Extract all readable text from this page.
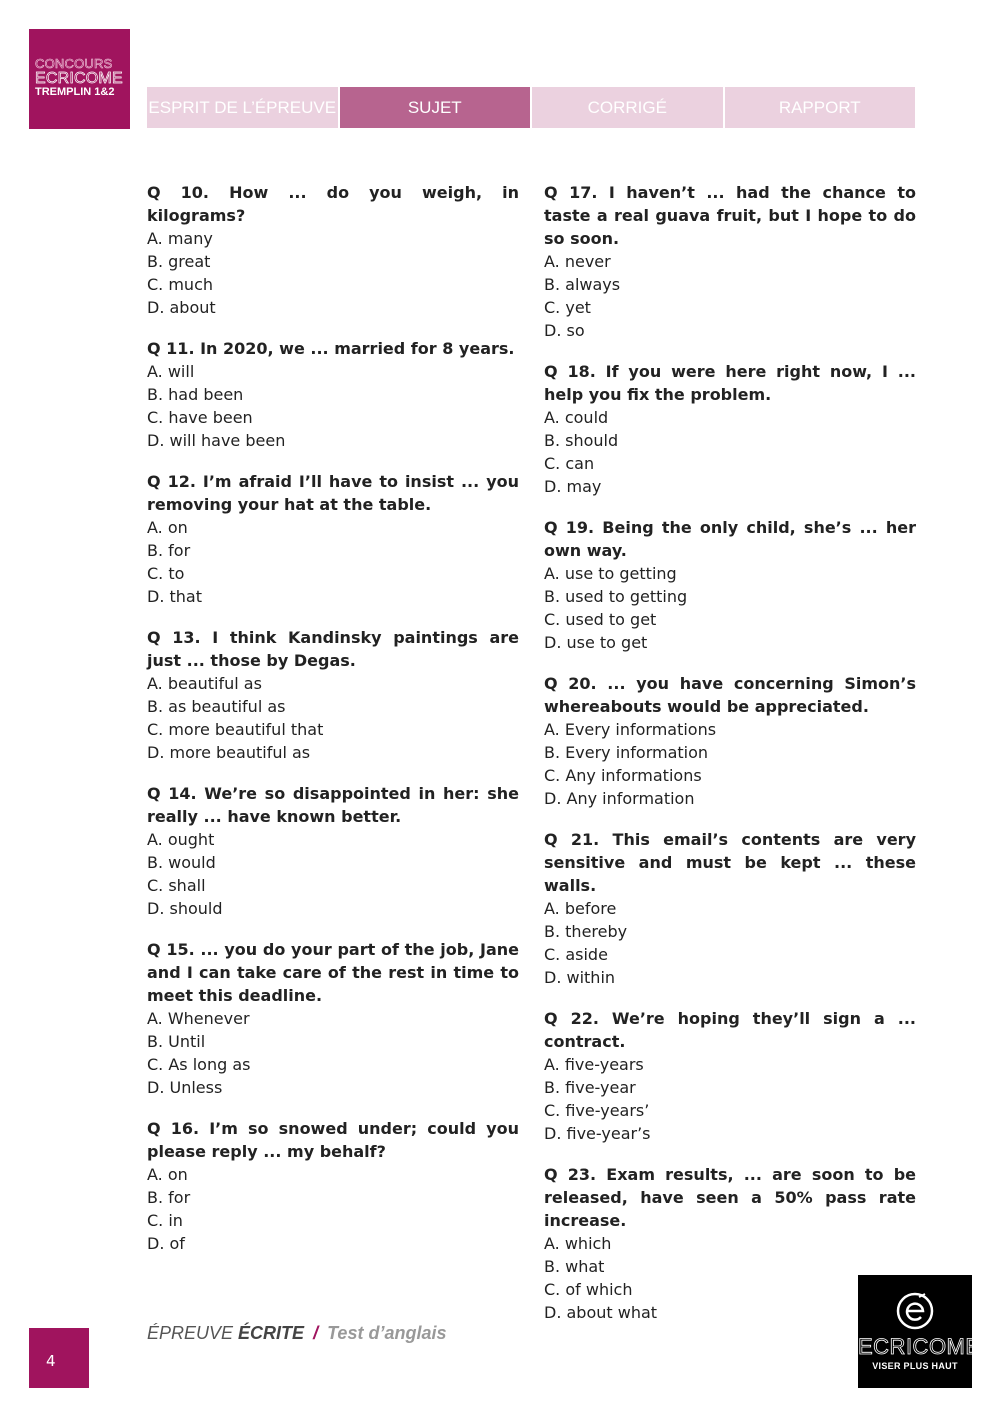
CONCOURS
ECRICOME
TREMPLIN 1&2
ESPRIT DE L’ÉPREUVE	SUJET	CORRIGÉ	RAPPORT

Q 10. How ... do you weigh, in kilograms?

A. many

B. great

C. much

D. about

Q 11. In 2020, we ... married for 8 years.

A. will

B. had been

C. have been

D. will have been

Q 12. I’m afraid I’ll have to insist ... you removing your hat at the table.

A. on

B. for

C. to

D. that

Q 13. I think Kandinsky paintings are just ... those by Degas.

A. beautiful as

B. as beautiful as

C. more beautiful that

D. more beautiful as

Q 14. We’re so disappointed in her: she really ... have known better.

A. ought

B. would

C. shall

D. should

Q 15. ... you do your part of the job, Jane and I can take care of the rest in time to meet this deadline.

A. Whenever

B. Until

C. As long as

D. Unless

Q 16. I’m so snowed under; could you please reply ... my behalf?

A. on

B. for

C. in

D. of

Q 17. I haven’t ... had the chance to taste a real guava fruit, but I hope to do so soon.

A. never

B. always

C. yet

D. so

Q 18. If you were here right now, I ... help you fix the problem.

A. could

B. should

C. can

D. may

Q 19. Being the only child, she’s ... her own way.

A. use to getting

B. used to getting

C. used to get

D. use to get

Q 20. ... you have concerning Simon’s whereabouts would be appreciated.

A. Every informations

B. Every information

C. Any informations

D. Any information

Q 21. This email’s contents are very sensitive and must be kept ... these walls.

A. before

B. thereby

C. aside

D. within

Q 22. We’re hoping they’ll sign a ... contract.

A. five-years

B. five-year

C. five-years’

D. five-year’s

Q 23. Exam results, ... are soon to be released, have seen a 50% pass rate increase.

A. which

B. what

C. of which

D. about what

4
ÉPREUVE ÉCRITE / Test d’anglais
ECRICOME
VISER PLUS HAUT
